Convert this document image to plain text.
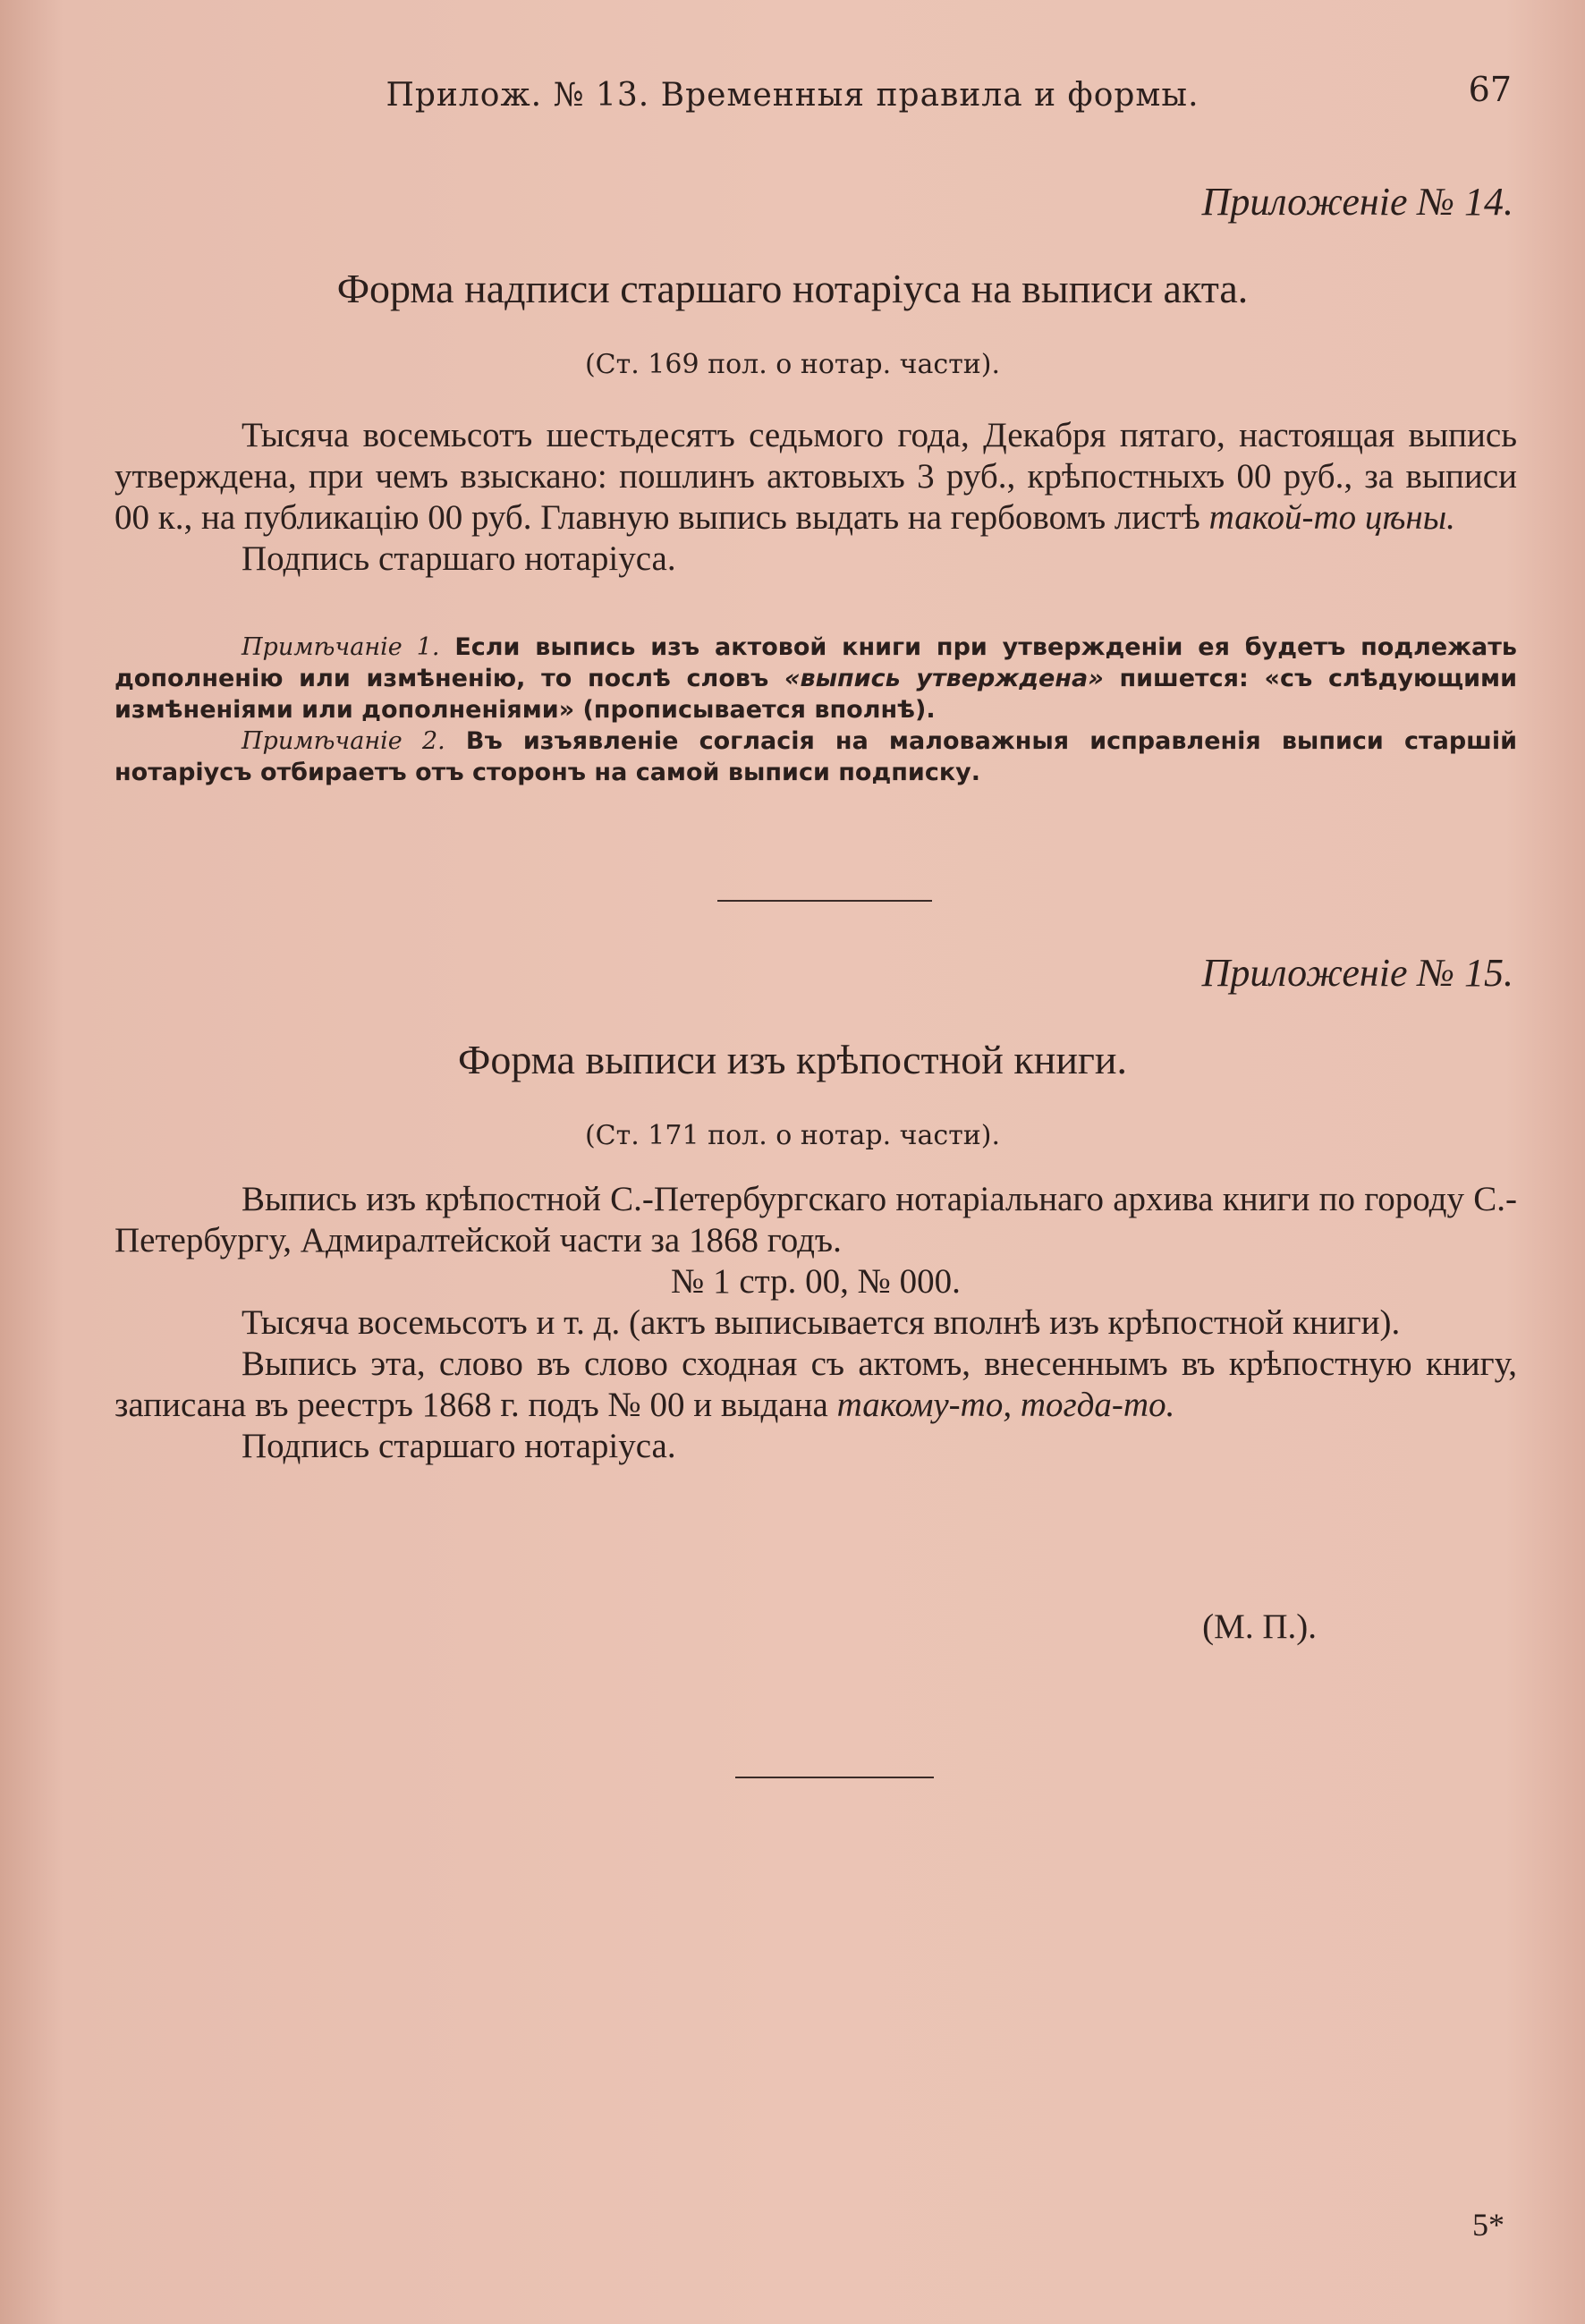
Прилож. № 13. Временныя правила и формы.	67
Приложеніе № 14.
Форма надписи старшаго нотаріуса на выписи акта.
(Ст. 169 пол. о нотар. части).

Тысяча восемьсотъ шестьдесятъ седьмого года, Декабря пятаго, настоящая выпись утверждена, при чемъ взыскано: пошлинъ актовыхъ 3 руб., крѣпостныхъ 00 руб., за выписи 00 к., на публикацію 00 руб. Главную выпись выдать на гербовомъ листѣ такой-то цѣны.

Подпись старшаго нотаріуса.

Примѣчаніе 1. Если выпись изъ актовой книги при утвержденіи ея будетъ подлежать дополненію или измѣненію, то послѣ словъ «выпись утверждена» пишется: «съ слѣдующими измѣненіями или дополненіями» (прописывается вполнѣ).

Примѣчаніе 2. Въ изъявленіе согласія на маловажныя исправленія выписи старшій нотаріусъ отбираетъ отъ сторонъ на самой выписи подписку.

Приложеніе № 15.
Форма выписи изъ крѣпостной книги.
(Ст. 171 пол. о нотар. части).

Выпись изъ крѣпостной С.-Петербургскаго нотаріальнаго архива книги по городу С.-Петербургу, Адмиралтейской части за 1868 годъ.

№ 1 стр. 00, № 000.

Тысяча восемьсотъ и т. д. (актъ выписывается вполнѣ изъ крѣпостной книги).

Выпись эта, слово въ слово сходная съ актомъ, внесеннымъ въ крѣпостную книгу, записана въ реестръ 1868 г. подъ № 00 и выдана такому-то, тогда-то.

Подпись старшаго нотаріуса.

(М. П.).
5*
